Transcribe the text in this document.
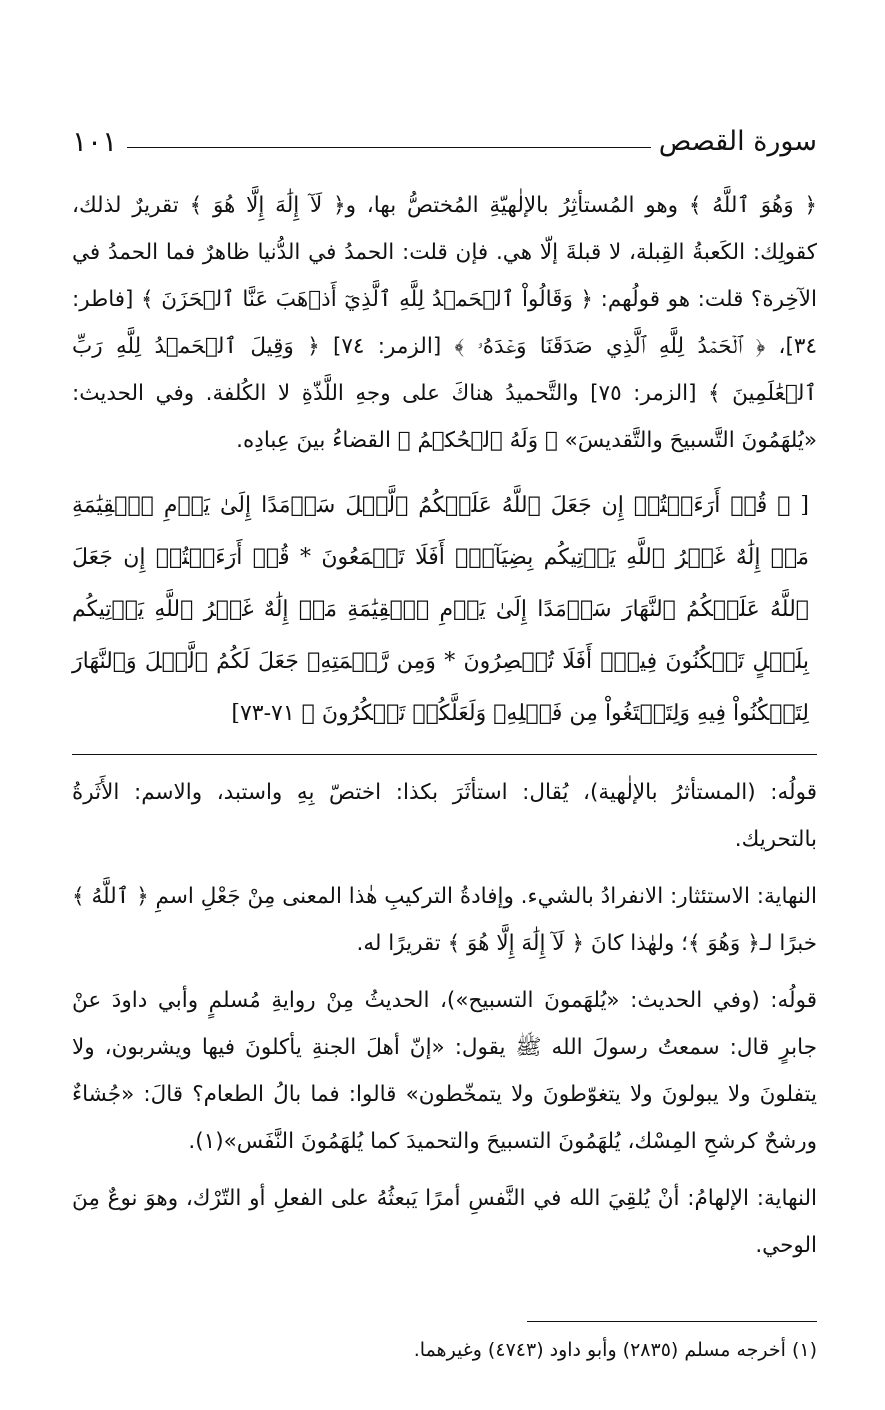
سورة القصص
١٠١

﴿ وَهُوَ ٱللَّهُ ﴾ وهو المُستأثِرُ بالإلٰهيّةِ المُختصُّ بها، و﴿ لَآ إِلَٰهَ إِلَّا هُوَ ﴾ تقريرٌ لذلك، كقولِك: الكَعبةُ القِبلة، لا قبلةَ إلّا هي. فإن قلت: الحمدُ في الدُّنيا ظاهرٌ فما الحمدُ في الآخِرة؟ قلت: هو قولُهم: ﴿ وَقَالُواْ ٱلۡحَمۡدُ لِلَّهِ ٱلَّذِيٓ أَذۡهَبَ عَنَّا ٱلۡحَزَنَ ﴾ [فاطر: ٣٤]، ﴿ ٱلۡحَمۡدُ لِلَّهِ ٱلَّذِي صَدَقَنَا وَعۡدَهُۥ ﴾ [الزمر: ٧٤] ﴿ وَقِيلَ ٱلۡحَمۡدُ لِلَّهِ رَبِّ ٱلۡعَٰلَمِينَ ﴾ [الزمر: ٧٥] والتَّحميدُ هناكَ على وجهِ اللَّذّةِ لا الكُلفة. وفي الحديث: «يُلهَمُونَ التَّسبيحَ والتَّقديسَ» ﴿ وَلَهُ ٱلۡحُكۡمُ ﴾ القضاءُ بينَ عِبادِه.

[ ﴿ قُلۡ أَرَءَيۡتُمۡ إِن جَعَلَ ٱللَّهُ عَلَيۡكُمُ ٱلَّيۡلَ سَرۡمَدًا إِلَىٰ يَوۡمِ ٱلۡقِيَٰمَةِ مَنۡ إِلَٰهٌ غَيۡرُ ٱللَّهِ يَأۡتِيكُم بِضِيَآءٍۚ أَفَلَا تَسۡمَعُونَ * قُلۡ أَرَءَيۡتُمۡ إِن جَعَلَ ٱللَّهُ عَلَيۡكُمُ ٱلنَّهَارَ سَرۡمَدًا إِلَىٰ يَوۡمِ ٱلۡقِيَٰمَةِ مَنۡ إِلَٰهٌ غَيۡرُ ٱللَّهِ يَأۡتِيكُم بِلَيۡلٍ تَسۡكُنُونَ فِيهِۚ أَفَلَا تُبۡصِرُونَ * وَمِن رَّحۡمَتِهِۦ جَعَلَ لَكُمُ ٱلَّيۡلَ وَٱلنَّهَارَ لِتَسۡكُنُواْ فِيهِ وَلِتَبۡتَغُواْ مِن فَضۡلِهِۦ وَلَعَلَّكُمۡ تَشۡكُرُونَ ﴾ ٧١-٧٣]

قولُه: (المستأثرُ بالإلٰهية)، يُقال: استأثَرَ بكذا: اختصّ بِهِ واستبد، والاسم: الأَثَرةُ بالتحريك.

النهاية: الاستئثار: الانفرادُ بالشيء. وإفادةُ التركيبِ هٰذا المعنى مِنْ جَعْلِ اسمِ ﴿ ٱللَّهُ ﴾ خبرًا لـ﴿ وَهُوَ ﴾؛ ولهٰذا كانَ ﴿ لَآ إِلَٰهَ إِلَّا هُوَ ﴾ تقريرًا له.

قولُه: (وفي الحديث: «يُلهَمونَ التسبيح»)، الحديثُ مِنْ روايةِ مُسلمٍ وأبي داودَ عنْ جابرٍ قال: سمعتُ رسولَ الله ﷺ يقول: «إنّ أهلَ الجنةِ يأكلونَ فيها ويشربون، ولا يتفلونَ ولا يبولونَ ولا يتغوّطونَ ولا يتمخّطون» قالوا: فما بالُ الطعام؟ قالَ: «جُشاءٌ ورشحٌ كرشحِ المِسْك، يُلهَمُونَ التسبيحَ والتحميدَ كما يُلهَمُونَ النَّفَس»(١).

النهاية: الإلهامُ: أنْ يُلقِيَ الله في النَّفسِ أمرًا يَبعثُهُ على الفعلِ أو التّرْك، وهوَ نوعٌ مِنَ الوحي.

(١) أخرجه مسلم (٢٨٣٥) وأبو داود (٤٧٤٣) وغيرهما.
